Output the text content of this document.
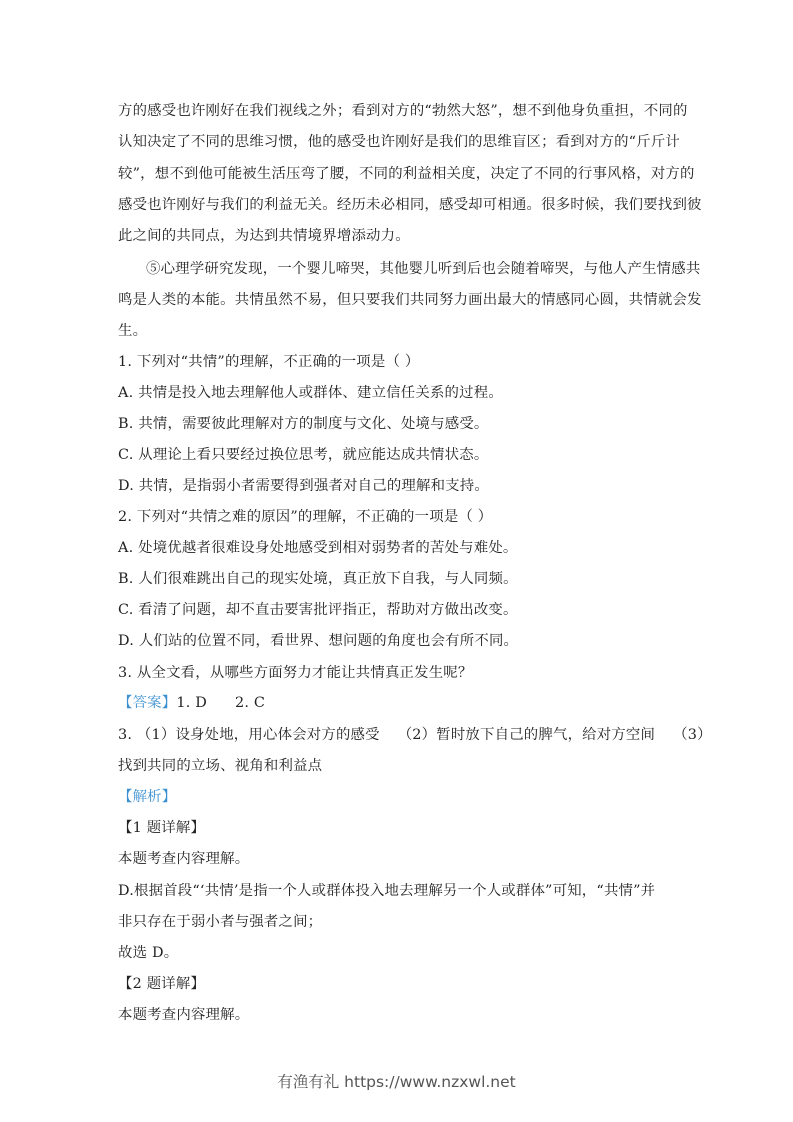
方的感受也许刚好在我们视线之外；看到对方的“勃然大怒”，想不到他身负重担，不同的
认知决定了不同的思维习惯，他的感受也许刚好是我们的思维盲区；看到对方的“斤斤计
较”，想不到他可能被生活压弯了腰，不同的利益相关度，决定了不同的行事风格，对方的
感受也许刚好与我们的利益无关。经历未必相同，感受却可相通。很多时候，我们要找到彼
此之间的共同点，为达到共情境界增添动力。
⑤心理学研究发现，一个婴儿啼哭，其他婴儿听到后也会随着啼哭，与他人产生情感共
鸣是人类的本能。共情虽然不易，但只要我们共同努力画出最大的情感同心圆，共情就会发
生。
1. 下列对“共情”的理解，不正确的一项是（ ）
A. 共情是投入地去理解他人或群体、建立信任关系的过程。
B. 共情，需要彼此理解对方的制度与文化、处境与感受。
C. 从理论上看只要经过换位思考，就应能达成共情状态。
D. 共情，是指弱小者需要得到强者对自己的理解和支持。
2. 下列对“共情之难的原因”的理解，不正确的一项是（ ）
A. 处境优越者很难设身处地感受到相对弱势者的苦处与难处。
B. 人们很难跳出自己的现实处境，真正放下自我，与人同频。
C. 看清了问题，却不直击要害批评指正，帮助对方做出改变。
D. 人们站的位置不同，看世界、想问题的角度也会有所不同。
3. 从全文看，从哪些方面努力才能让共情真正发生呢？
【答案】1. D 2. C
3. （1）设身处地，用心体会对方的感受 （2）暂时放下自己的脾气，给对方空间 （3）
找到共同的立场、视角和利益点
【解析】
【1 题详解】
本题考查内容理解。
D.根据首段“‘共情’是指一个人或群体投入地去理解另一个人或群体”可知，“共情”并
非只存在于弱小者与强者之间；
故选 D。
【2 题详解】
本题考查内容理解。
有渔有礼 https://www.nzxwl.net
